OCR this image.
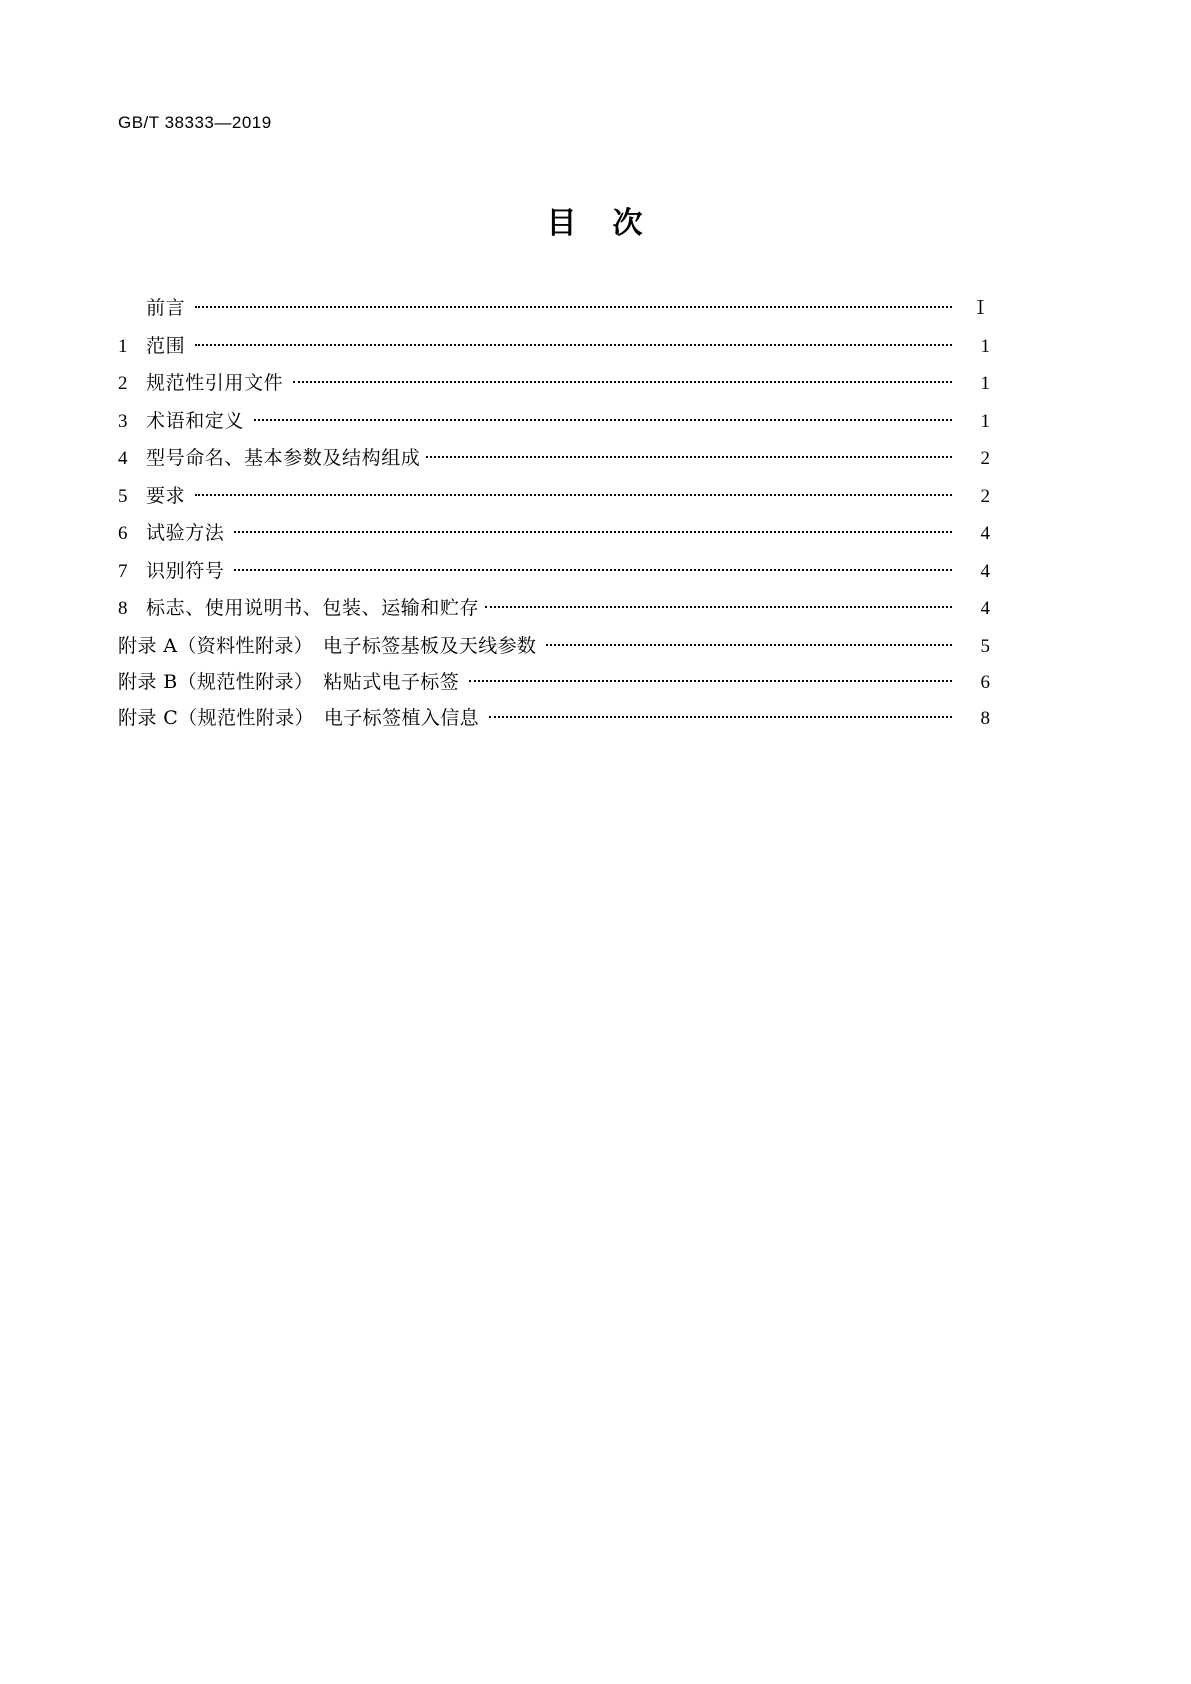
GB/T 38333—2019
目 次
前言	Ⅰ
1 范围	1
2 规范性引用文件	1
3 术语和定义	1
4 型号命名、基本参数及结构组成	2
5 要求	2
6 试验方法	4
7 识别符号	4
8 标志、使用说明书、包装、运输和贮存	4
附录 A（资料性附录）　电子标签基板及天线参数	5
附录 B（规范性附录）　粘贴式电子标签	6
附录 C（规范性附录）　电子标签植入信息	8
